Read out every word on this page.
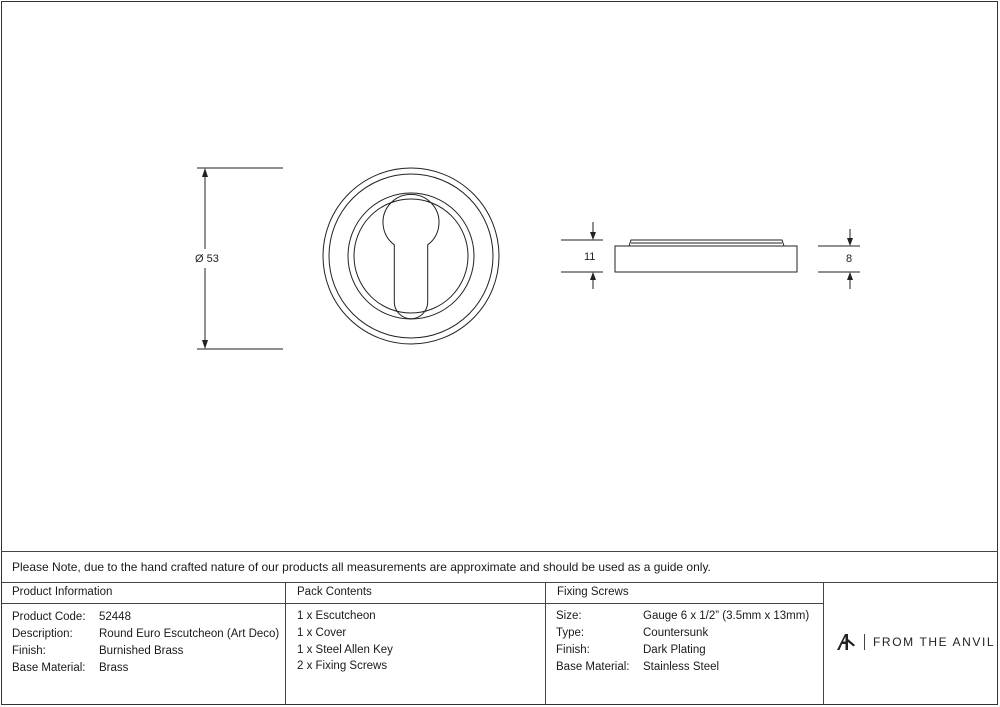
Ø 53	11	8
Please Note, due to the hand crafted nature of our products all measurements are approximate and should be used as a guide only.
Product Information
Product Code: 52448
Description: Round Euro Escutcheon (Art Deco)
Finish:	Burnished Brass
Base Material: Brass
Pack Contents
1 x Escutcheon
1 x Cover
1 x Steel Allen Key
2 x Fixing Screws
Fixing Screws
Size:	Gauge 6 x 1/2” (3.5mm x 13mm)
Type:	Countersunk
Finish:	Dark Plating
Base Material: Stainless Steel
FROM THE ANVIL
